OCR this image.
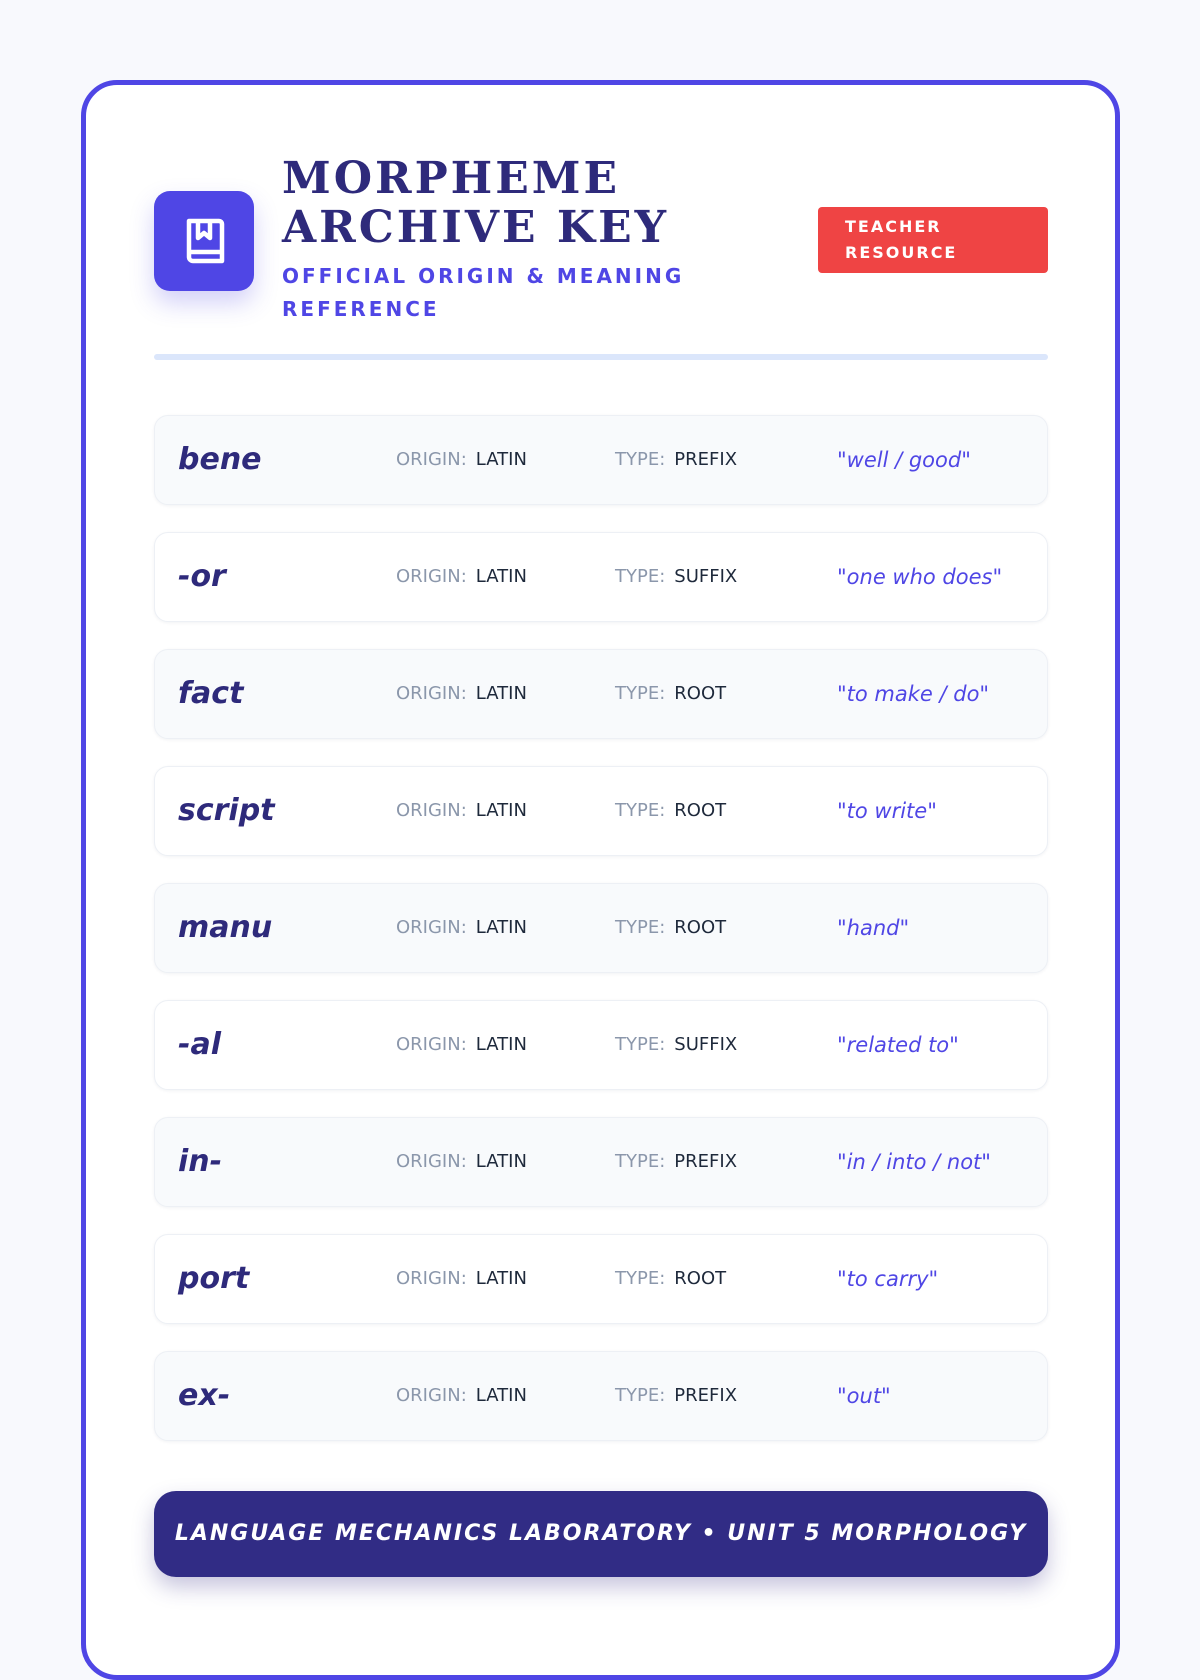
MORPHEME ARCHIVE KEY
OFFICIAL ORIGIN & MEANING REFERENCE
TEACHER RESOURCE
bene	ORIGIN: LATIN	TYPE: PREFIX	"well / good"
-or	ORIGIN: LATIN	TYPE: SUFFIX	"one who does"
fact	ORIGIN: LATIN	TYPE: ROOT	"to make / do"
script	ORIGIN: LATIN	TYPE: ROOT	"to write"
manu	ORIGIN: LATIN	TYPE: ROOT	"hand"
-al	ORIGIN: LATIN	TYPE: SUFFIX	"related to"
in-	ORIGIN: LATIN	TYPE: PREFIX	"in / into / not"
port	ORIGIN: LATIN	TYPE: ROOT	"to carry"
ex-	ORIGIN: LATIN	TYPE: PREFIX	"out"
LANGUAGE MECHANICS LABORATORY • UNIT 5 MORPHOLOGY
